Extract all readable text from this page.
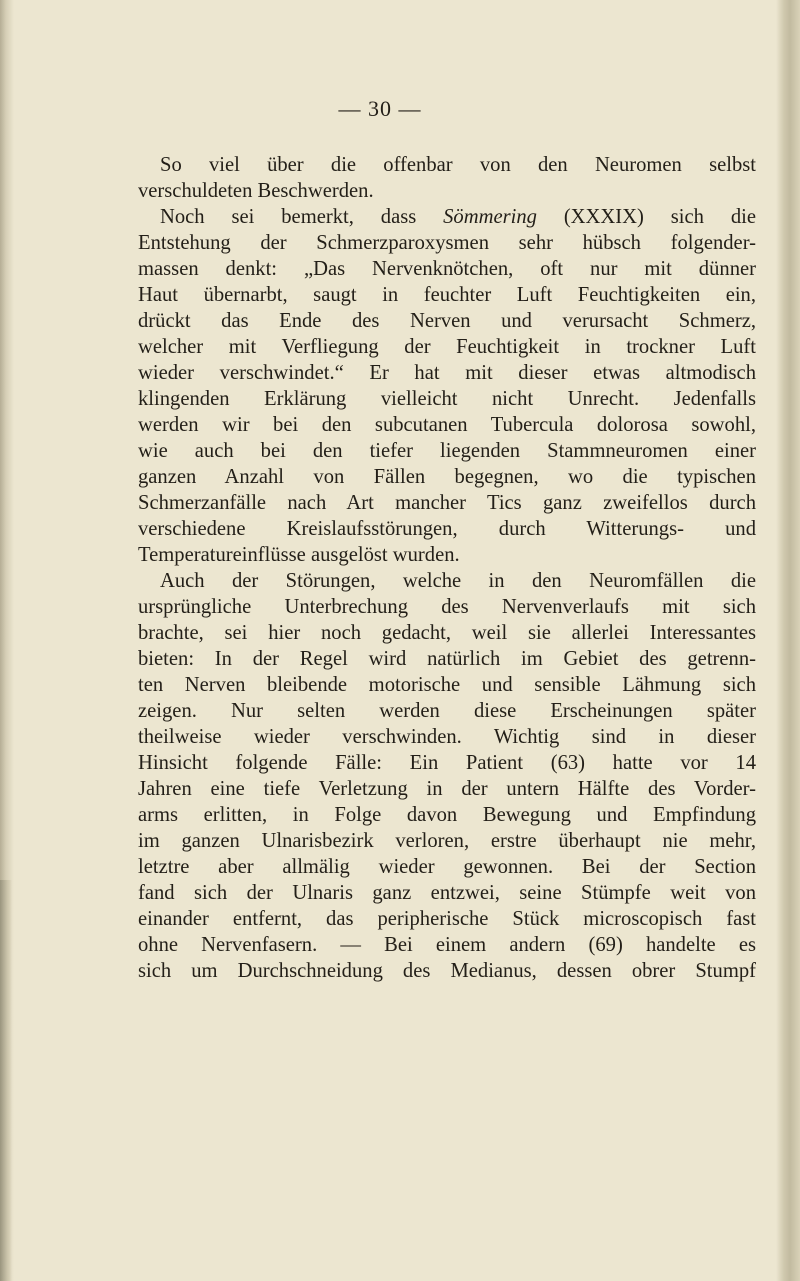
— 30 —
So viel über die offenbar von den Neuromen selbst
verschuldeten Beschwerden.
Noch sei bemerkt, dass Sömmering (XXXIX) sich die
Entstehung der Schmerzparoxysmen sehr hübsch folgender-
massen denkt: „Das Nervenknötchen, oft nur mit dünner
Haut übernarbt, saugt in feuchter Luft Feuchtigkeiten ein,
drückt das Ende des Nerven und verursacht Schmerz,
welcher mit Verfliegung der Feuchtigkeit in trockner Luft
wieder verschwindet.“ Er hat mit dieser etwas altmodisch
klingenden Erklärung vielleicht nicht Unrecht. Jedenfalls
werden wir bei den subcutanen Tubercula dolorosa sowohl,
wie auch bei den tiefer liegenden Stammneuromen einer
ganzen Anzahl von Fällen begegnen, wo die typischen
Schmerzanfälle nach Art mancher Tics ganz zweifellos durch
verschiedene Kreislaufsstörungen, durch Witterungs- und
Temperatureinflüsse ausgelöst wurden.
Auch der Störungen, welche in den Neuromfällen die
ursprüngliche Unterbrechung des Nervenverlaufs mit sich
brachte, sei hier noch gedacht, weil sie allerlei Interessantes
bieten: In der Regel wird natürlich im Gebiet des getrenn-
ten Nerven bleibende motorische und sensible Lähmung sich
zeigen. Nur selten werden diese Erscheinungen später
theilweise wieder verschwinden. Wichtig sind in dieser
Hinsicht folgende Fälle: Ein Patient (63) hatte vor 14
Jahren eine tiefe Verletzung in der untern Hälfte des Vorder-
arms erlitten, in Folge davon Bewegung und Empfindung
im ganzen Ulnarisbezirk verloren, erstre überhaupt nie mehr,
letztre aber allmälig wieder gewonnen. Bei der Section
fand sich der Ulnaris ganz entzwei, seine Stümpfe weit von
einander entfernt, das peripherische Stück microscopisch fast
ohne Nervenfasern. — Bei einem andern (69) handelte es
sich um Durchschneidung des Medianus, dessen obrer Stumpf
